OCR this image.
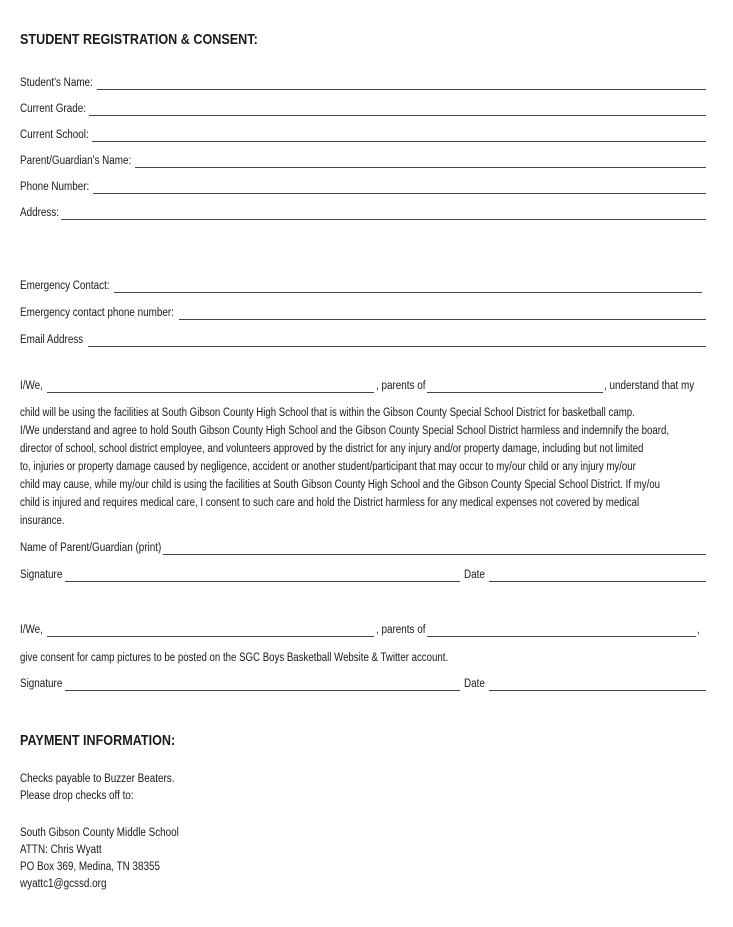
STUDENT REGISTRATION & CONSENT:
Student's Name:
Current Grade:
Current School:
Parent/Guardian's Name:
Phone Number:
Address:
Emergency Contact:
Emergency contact phone number:
Email Address
I/We,	, parents of	, understand that my
child will be using the facilities at South Gibson County High School that is within the Gibson County Special School District for basketball camp.
I/We understand and agree to hold South Gibson County High School and the Gibson County Special School District harmless and indemnify the board,
director of school, school district employee, and volunteers approved by the district for any injury and/or property damage, including but not limited
to, injuries or property damage caused by negligence, accident or another student/participant that may occur to my/our child or any injury my/our
child may cause, while my/our child is using the facilities at South Gibson County High School and the Gibson County Special School District. If my/ou
child is injured and requires medical care, I consent to such care and hold the District harmless for any medical expenses not covered by medical
insurance.
Name of Parent/Guardian (print)
Signature	Date
I/We,	, parents of	,
give consent for camp pictures to be posted on the SGC Boys Basketball Website & Twitter account.
Signature	Date
PAYMENT INFORMATION:
Checks payable to Buzzer Beaters.
Please drop checks off to:
South Gibson County Middle School
ATTN: Chris Wyatt
PO Box 369, Medina, TN 38355
wyattc1@gcssd.org
